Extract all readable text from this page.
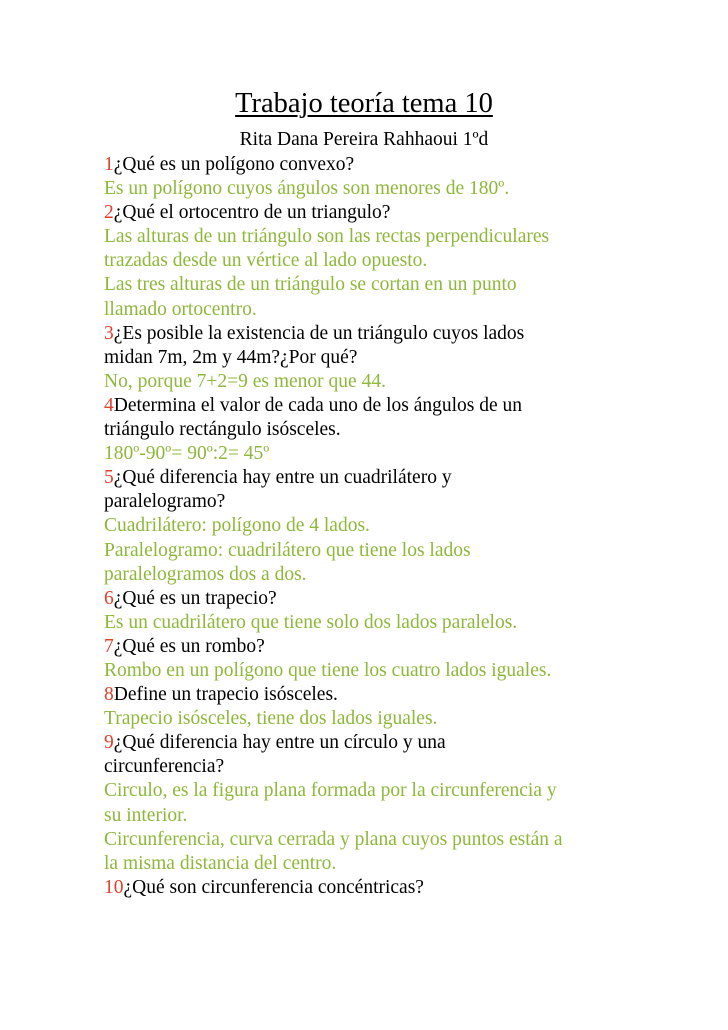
Trabajo teoría tema 10
Rita Dana Pereira Rahhaoui 1ºd
1¿Qué es un polígono convexo?
Es un polígono cuyos ángulos son menores de 180º.
2¿Qué el ortocentro de un triangulo?
Las alturas de un triángulo son las rectas perpendiculares
trazadas desde un vértice al lado opuesto.
Las tres alturas de un triángulo se cortan en un punto
llamado ortocentro.
3¿Es posible la existencia de un triángulo cuyos lados
midan 7m, 2m y 44m?¿Por qué?
No, porque 7+2=9 es menor que 44.
4Determina el valor de cada uno de los ángulos de un
triángulo rectángulo isósceles.
180º-90º= 90º:2= 45º
5¿Qué diferencia hay entre un cuadrilátero y
paralelogramo?
Cuadrilátero: polígono de 4 lados.
Paralelogramo: cuadrilátero que tiene los lados
paralelogramos dos a dos.
6¿Qué es un trapecio?
Es un cuadrilátero que tiene solo dos lados paralelos.
7¿Qué es un rombo?
Rombo en un polígono que tiene los cuatro lados iguales.
8Define un trapecio isósceles.
Trapecio isósceles, tiene dos lados iguales.
9¿Qué diferencia hay entre un círculo y una
circunferencia?
Circulo, es la figura plana formada por la circunferencia y
su interior.
Circunferencia, curva cerrada y plana cuyos puntos están a
la misma distancia del centro.
10¿Qué son circunferencia concéntricas?
